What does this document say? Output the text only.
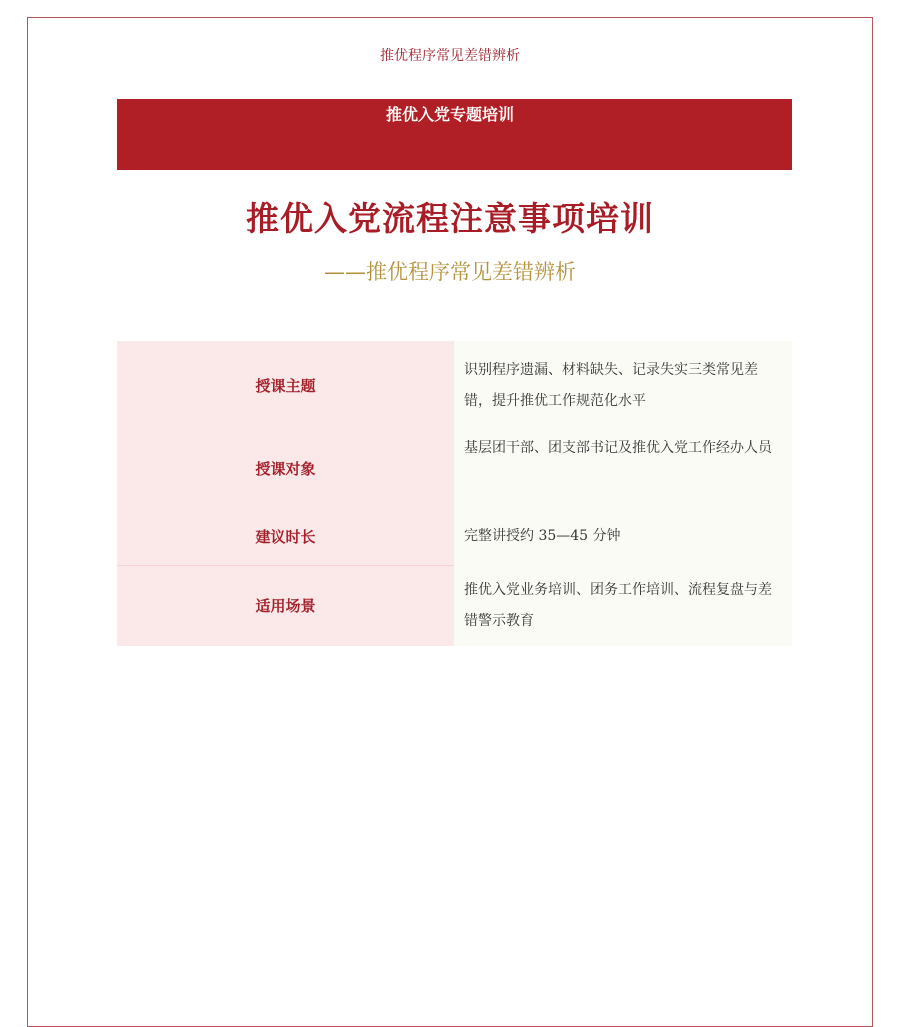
推优程序常见差错辨析
推优入党专题培训
推优入党流程注意事项培训
——推优程序常见差错辨析
授课主题
识别程序遗漏、材料缺失、记录失实三类常见差错，提升推优工作规范化水平
授课对象
基层团干部、团支部书记及推优入党工作经办人员
建议时长	完整讲授约 35—45 分钟
适用场景
推优入党业务培训、团务工作培训、流程复盘与差错警示教育
